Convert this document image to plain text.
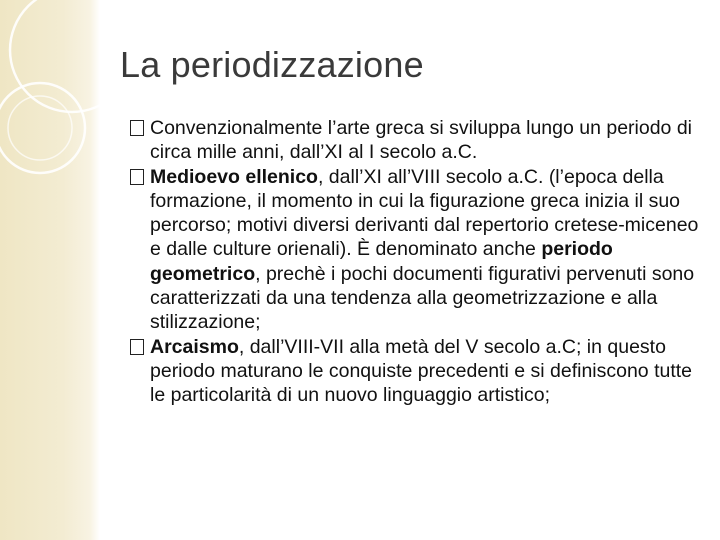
La periodizzazione
Convenzionalmente l’arte greca si sviluppa lungo un periodo di circa mille anni, dall’XI al I secolo a.C.
Medioevo ellenico, dall’XI all’VIII secolo a.C. (l’epoca della formazione, il momento in cui la figurazione greca inizia il suo percorso; motivi diversi derivanti dal repertorio cretese-miceneo e dalle culture orienali). È denominato anche periodo geometrico, prechè i pochi documenti figurativi pervenuti sono caratterizzati da una tendenza alla geometrizzazione e alla stilizzazione;
Arcaismo, dall’VIII-VII alla metà del V secolo a.C; in questo periodo maturano le conquiste precedenti e si definiscono tutte le particolarità di un nuovo linguaggio artistico;
